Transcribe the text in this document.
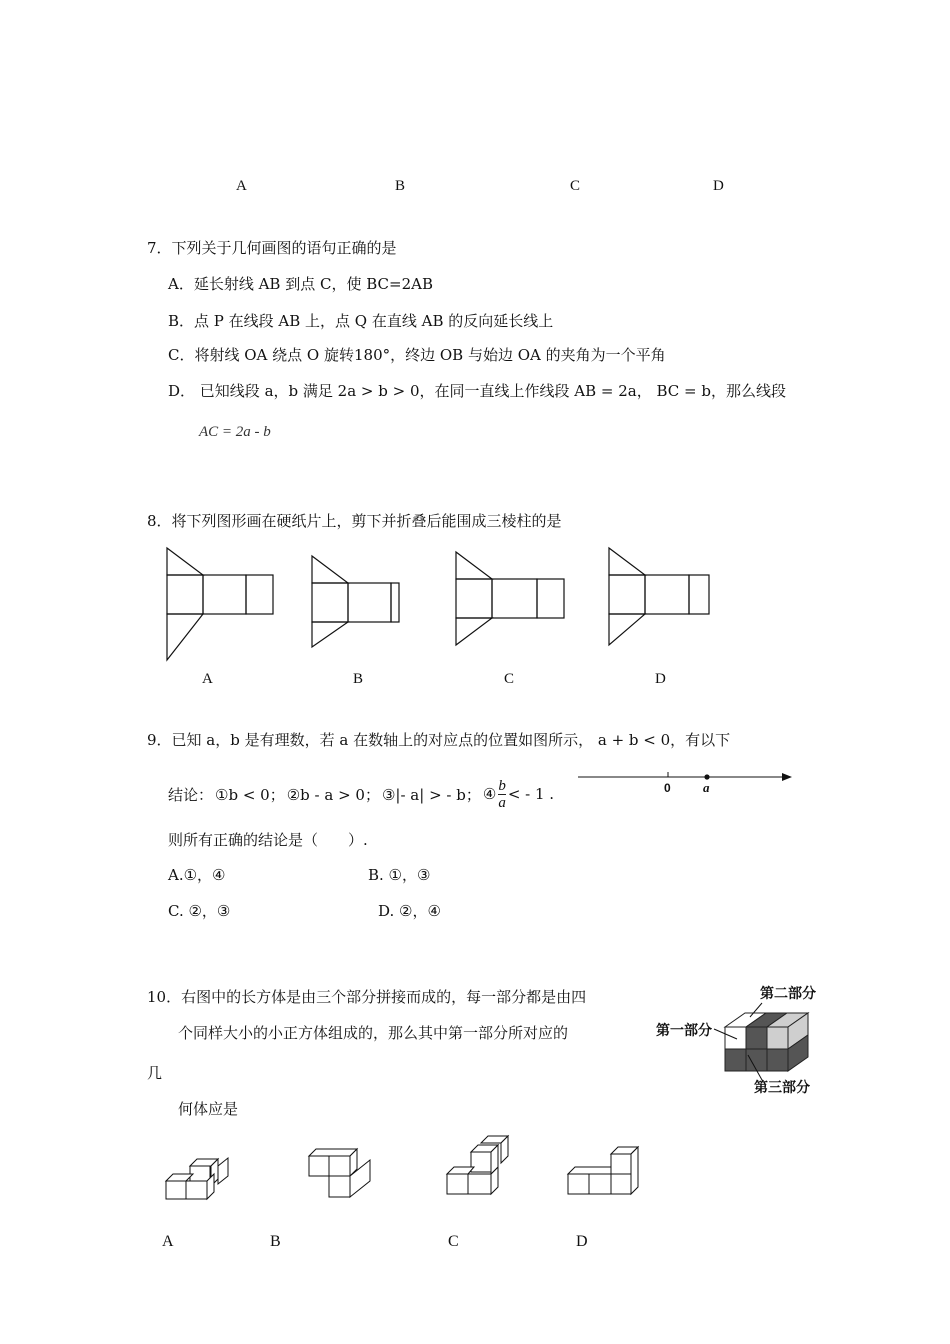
A	B	C	D
7．下列关于几何画图的语句正确的是
A．延长射线 AB 到点 C，使 BC=2AB
B．点 P 在线段 AB 上，点 Q 在直线 AB 的反向延长线上
C．将射线 OA 绕点 O 旋转180°，终边 OB 与始边 OA 的夹角为一个平角
D． 已知线段 a，b 满足 2a > b > 0，在同一直线上作线段 AB = 2a， BC = b，那么线段
AC = 2a - b
8．将下列图形画在硬纸片上，剪下并折叠后能围成三棱柱的是
A	B	C	D
9．已知 a，b 是有理数，若 a 在数轴上的对应点的位置如图所示， a + b < 0，有以下
结论： ①b < 0； ②b - a > 0； ③|- a| > - b； ④ $\frac{b}{a}$ < - 1 .	0 a
则所有正确的结论是（　　）.
A.①，④	B. ①，③
C. ②，③	D. ②，④
10．右图中的长方体是由三个部分拼接而成的，每一部分都是由四
个同样大小的小正方体组成的，那么其中第一部分所对应的
几
何体应是
第二部分
第一部分
第三部分
A	B	C	D
